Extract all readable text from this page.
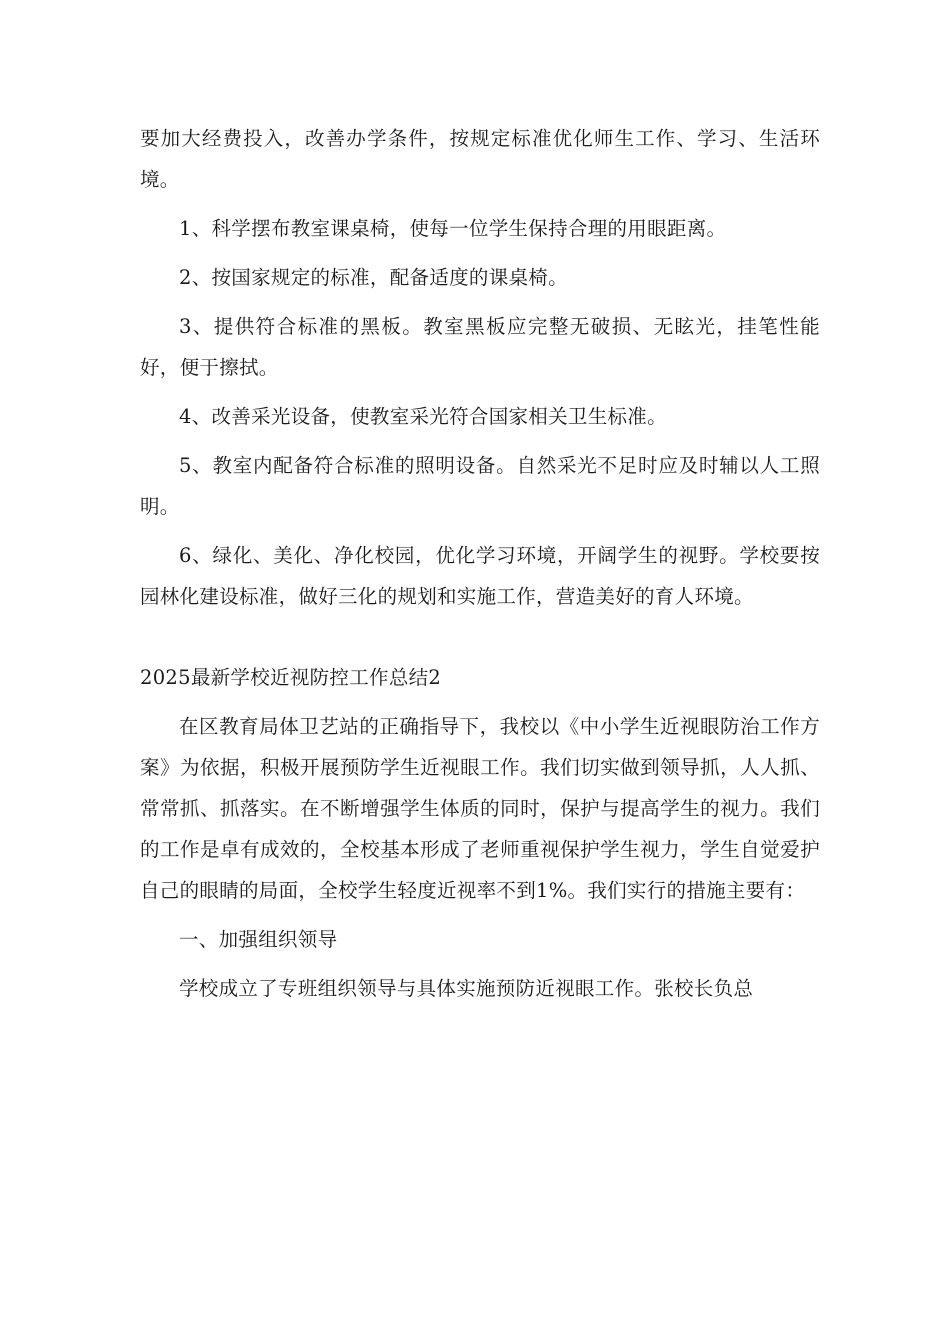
要加大经费投入，改善办学条件，按规定标准优化师生工作、学习、生活环境。

1、科学摆布教室课桌椅，使每一位学生保持合理的用眼距离。

2、按国家规定的标准，配备适度的课桌椅。

3、提供符合标准的黑板。教室黑板应完整无破损、无眩光，挂笔性能好，便于擦拭。

4、改善采光设备，使教室采光符合国家相关卫生标准。

5、教室内配备符合标准的照明设备。自然采光不足时应及时辅以人工照明。

6、绿化、美化、净化校园，优化学习环境，开阔学生的视野。学校要按园林化建设标准，做好三化的规划和实施工作，营造美好的育人环境。

2025最新学校近视防控工作总结2

在区教育局体卫艺站的正确指导下，我校以《中小学生近视眼防治工作方案》为依据，积极开展预防学生近视眼工作。我们切实做到领导抓，人人抓、常常抓、抓落实。在不断增强学生体质的同时，保护与提高学生的视力。我们的工作是卓有成效的，全校基本形成了老师重视保护学生视力，学生自觉爱护自己的眼睛的局面，全校学生轻度近视率不到1%。我们实行的措施主要有：

一、加强组织领导

学校成立了专班组织领导与具体实施预防近视眼工作。张校长负总
